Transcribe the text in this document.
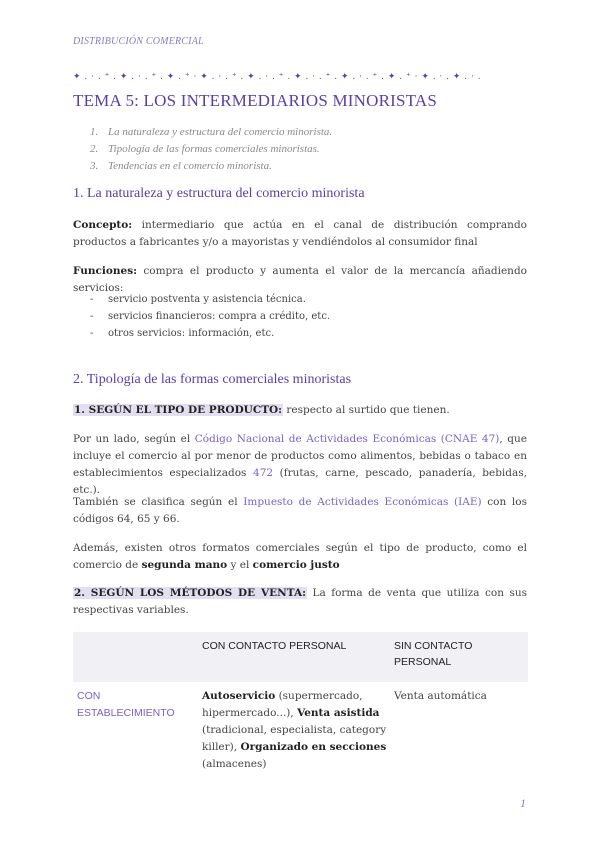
DISTRIBUCIÓN COMERCIAL
✦ . · . ⁺ . ✦ . · . ⁺ . ✦ . ⁺ · ✦ . · . ⁺ . ✦ . · . ⁺ . ✦ . · . ⁺ . ✦ . · . ⁺ . ✦ . ⁺ · ✦ . · . ✦ . · .
TEMA 5: LOS INTERMEDIARIOS MINORISTAS
1. La naturaleza y estructura del comercio minorista.
2. Tipología de las formas comerciales minoristas.
3. Tendencias en el comercio minorista.
1. La naturaleza y estructura del comercio minorista

Concepto: intermediario que actúa en el canal de distribución comprando productos a fabricantes y/o a mayoristas y vendiéndolos al consumidor final

Funciones: compra el producto y aumenta el valor de la mercancía añadiendo servicios:

- servicio postventa y asistencia técnica.
- servicios financieros: compra a crédito, etc.
- otros servicios: información, etc.
2. Tipología de las formas comerciales minoristas

1. SEGÚN EL TIPO DE PRODUCTO: respecto al surtido que tienen.

Por un lado, según el Código Nacional de Actividades Económicas (CNAE 47), que incluye el comercio al por menor de productos como alimentos, bebidas o tabaco en establecimientos especializados 472 (frutas, carne, pescado, panadería, bebidas, etc.).

También se clasifica según el Impuesto de Actividades Económicas (IAE) con los códigos 64, 65 y 66.

Además, existen otros formatos comerciales según el tipo de producto, como el comercio de segunda mano y el comercio justo

2. SEGÚN LOS MÉTODOS DE VENTA: La forma de venta que utiliza con sus respectivas variables.

	CON CONTACTO PERSONAL	SIN CONTACTO PERSONAL
CON ESTABLECIMIENTO	Autoservicio (supermercado, hipermercado...), Venta asistida (tradicional, especialista, category killer), Organizado en secciones (almacenes)	Venta automática
1
